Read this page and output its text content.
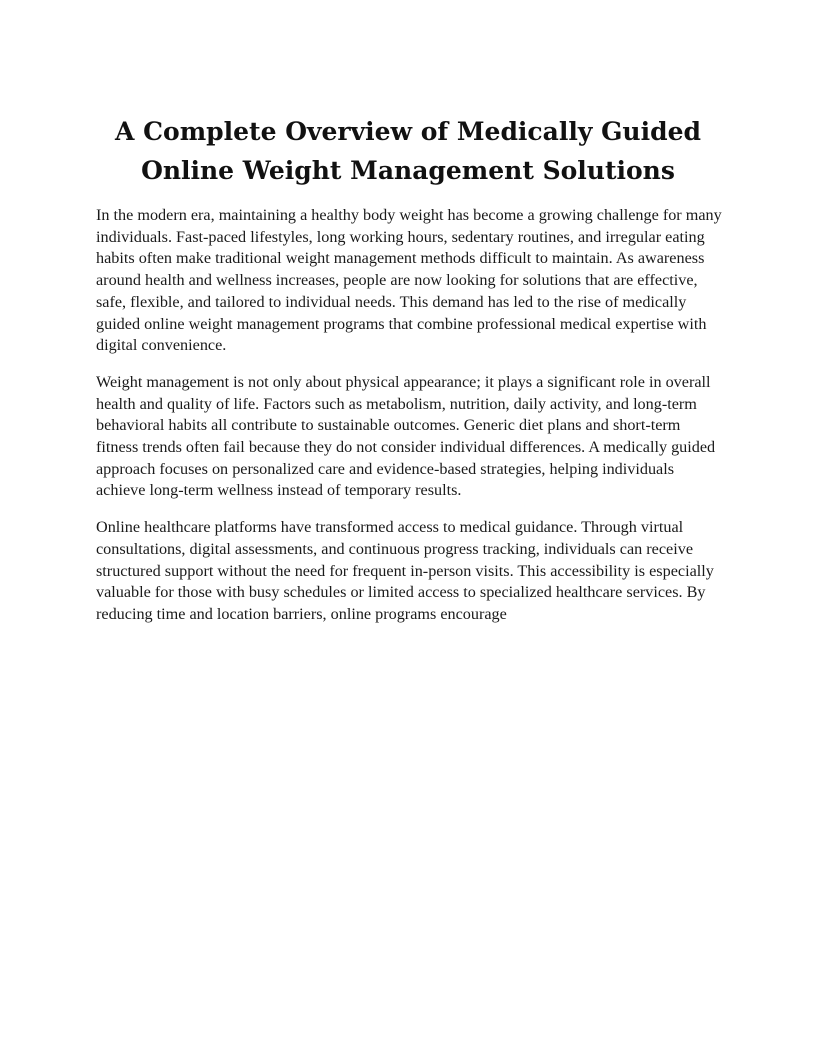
A Complete Overview of Medically Guided Online Weight Management Solutions

In the modern era, maintaining a healthy body weight has become a growing challenge for many individuals. Fast-paced lifestyles, long working hours, sedentary routines, and irregular eating habits often make traditional weight management methods difficult to maintain. As awareness around health and wellness increases, people are now looking for solutions that are effective, safe, flexible, and tailored to individual needs. This demand has led to the rise of medically guided online weight management programs that combine professional medical expertise with digital convenience.

Weight management is not only about physical appearance; it plays a significant role in overall health and quality of life. Factors such as metabolism, nutrition, daily activity, and long-term behavioral habits all contribute to sustainable outcomes. Generic diet plans and short-term fitness trends often fail because they do not consider individual differences. A medically guided approach focuses on personalized care and evidence-based strategies, helping individuals achieve long-term wellness instead of temporary results.

Online healthcare platforms have transformed access to medical guidance. Through virtual consultations, digital assessments, and continuous progress tracking, individuals can receive structured support without the need for frequent in-person visits. This accessibility is especially valuable for those with busy schedules or limited access to specialized healthcare services. By reducing time and location barriers, online programs encourage
